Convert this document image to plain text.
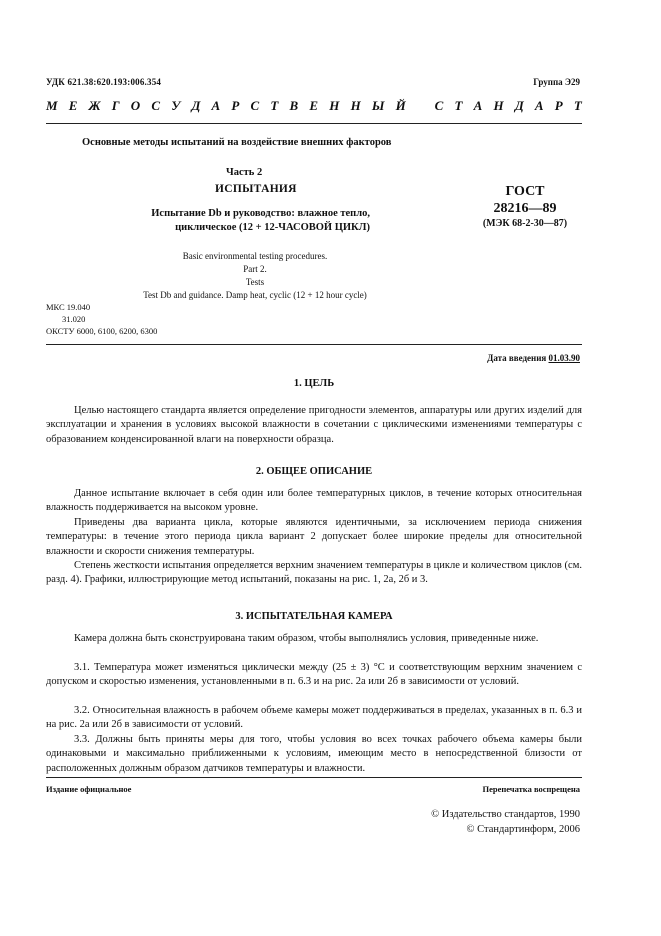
УДК 621.38:620.193:006.354	Группа Э29
М Е Ж Г О С У Д А Р С Т В Е Н Н Ы Й
С Т А Н Д А Р Т
Основные методы испытаний на воздействие внешних факторов
Часть 2
ИСПЫТАНИЯ
Испытание Db и руководство: влажное тепло,
циклическое (12 + 12-ЧАСОВОЙ ЦИКЛ)
ГОСТ
28216—89
(МЭК 68-2-30—87)
Basic environmental testing procedures.
Part 2.
Tests
Test Db and guidance. Damp heat, cyclic (12 + 12 hour cycle)
МКС 19.040
31.020
ОКСТУ 6000, 6100, 6200, 6300
Дата введения 01.03.90
1. ЦЕЛЬ
Целью настоящего стандарта является определение пригодности элементов, аппаратуры или других изделий для эксплуатации и хранения в условиях высокой влажности в сочетании с циклическими изменениями температуры с образованием конденсированной влаги на поверхности образца.
2. ОБЩЕЕ ОПИСАНИЕ
Данное испытание включает в себя один или более температурных циклов, в течение которых относительная влажность поддерживается на высоком уровне.
Приведены два варианта цикла, которые являются идентичными, за исключением периода снижения температуры: в течение этого периода цикла вариант 2 допускает более широкие пределы для относительной влажности и скорости снижения температуры.
Степень жесткости испытания определяется верхним значением температуры в цикле и количеством циклов (см. разд. 4). Графики, иллюстрирующие метод испытаний, показаны на рис. 1, 2а, 2б и 3.
3. ИСПЫТАТЕЛЬНАЯ КАМЕРА
Камера должна быть сконструирована таким образом, чтобы выполнялись условия, приведенные ниже.
3.1. Температура может изменяться циклически между (25 ± 3) °С и соответствующим верхним значением с допуском и скоростью изменения, установленными в п. 6.3 и на рис. 2а или 2б в зависимости от условий.
3.2. Относительная влажность в рабочем объеме камеры может поддерживаться в пределах, указанных в п. 6.3 и на рис. 2а или 2б в зависимости от условий.
3.3. Должны быть приняты меры для того, чтобы условия во всех точках рабочего объема камеры были одинаковыми и максимально приближенными к условиям, имеющим место в непосредственной близости от расположенных должным образом датчиков температуры и влажности.
Издание официальное	Перепечатка воспрещена
© Издательство стандартов, 1990
© Стандартинформ, 2006
